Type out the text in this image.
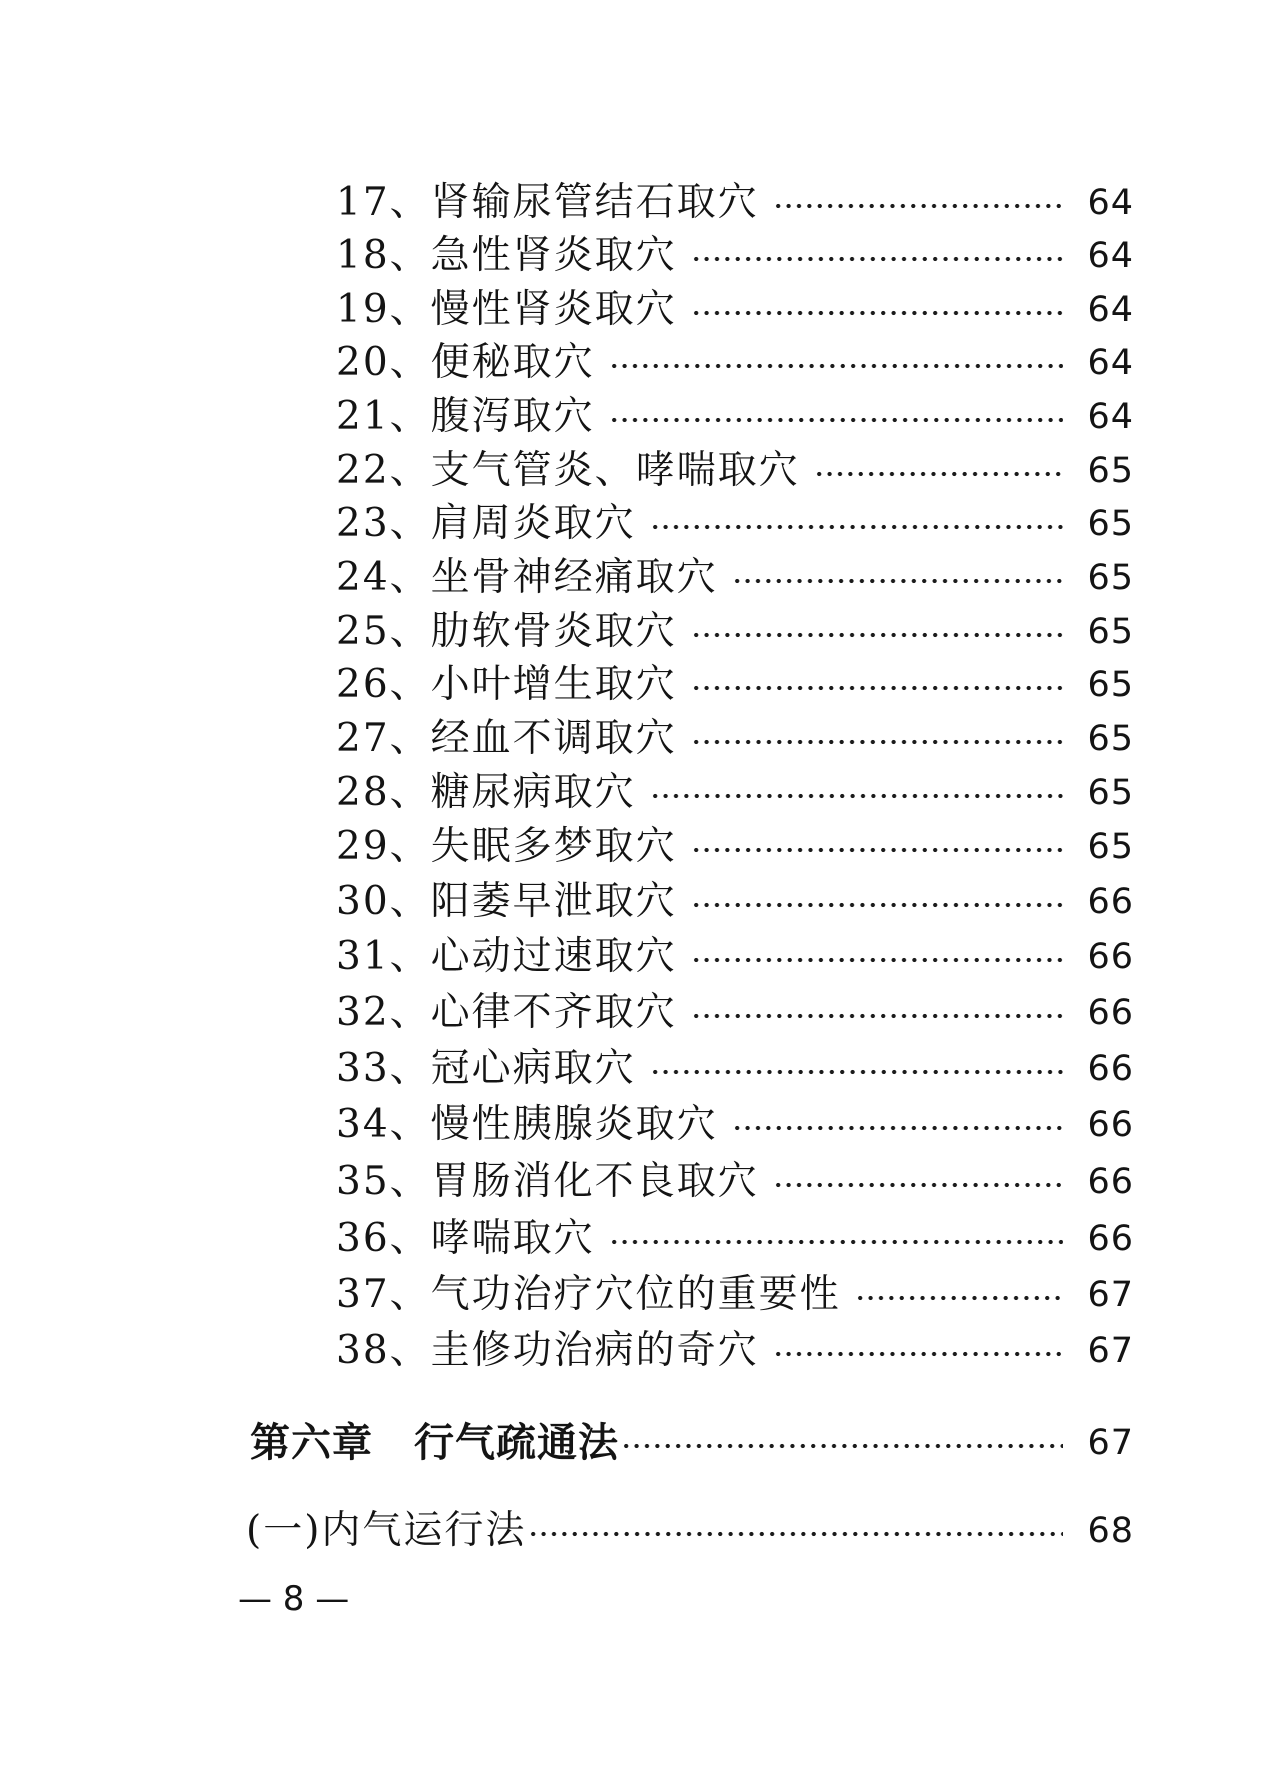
17、肾输尿管结石取穴	64
18、急性肾炎取穴	64
19、慢性肾炎取穴	64
20、便秘取穴	64
21、腹泻取穴	64
22、支气管炎、哮喘取穴	65
23、肩周炎取穴	65
24、坐骨神经痛取穴	65
25、肋软骨炎取穴	65
26、小叶增生取穴	65
27、经血不调取穴	65
28、糖尿病取穴	65
29、失眠多梦取穴	65
30、阳萎早泄取穴	66
31、心动过速取穴	66
32、心律不齐取穴	66
33、冠心病取穴	66
34、慢性胰腺炎取穴	66
35、胃肠消化不良取穴	66
36、哮喘取穴	66
37、气功治疗穴位的重要性	67
38、圭修功治病的奇穴	67
第六章　行气疏通法	67
(一)内气运行法	68
— 8 —
